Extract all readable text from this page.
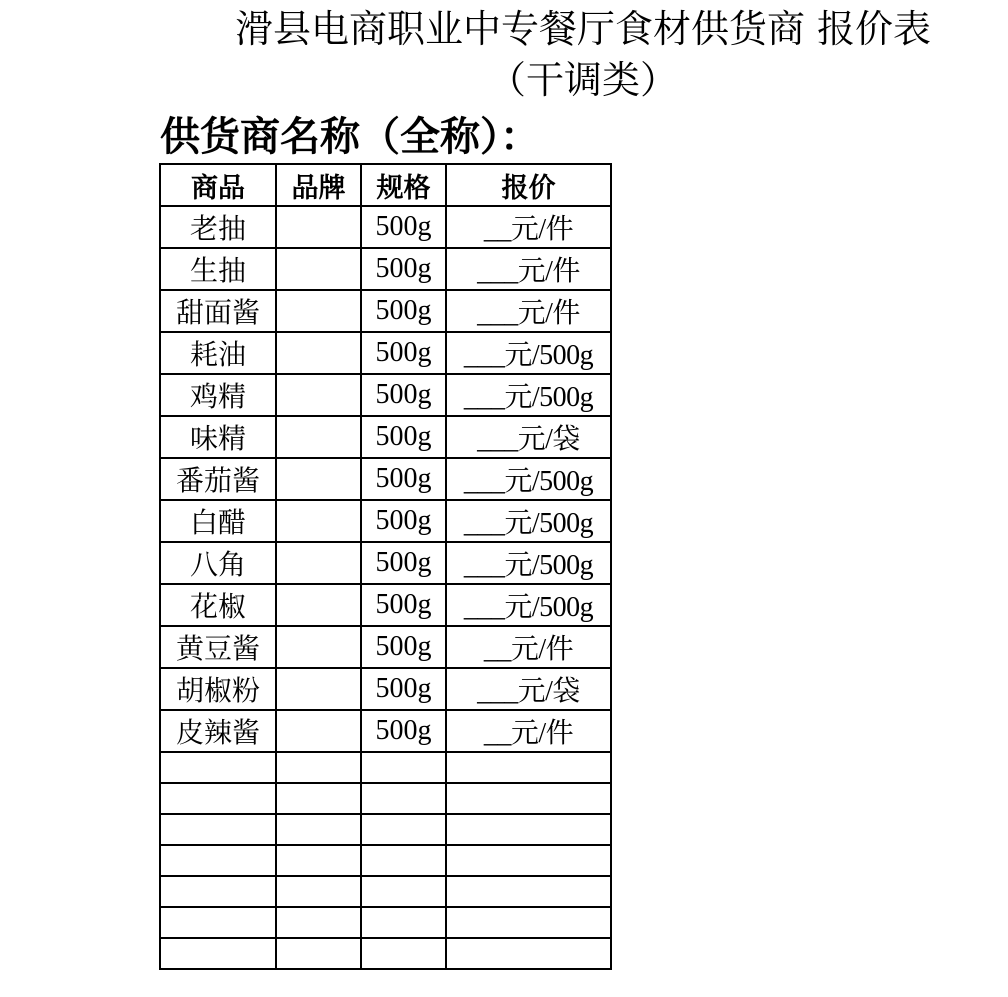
滑县电商职业中专餐厅食材供货商 报价表
（干调类）
供货商名称（全称）：
商品	品牌	规格	报价
老抽		500g	__元/件
生抽		500g	___元/件
甜面酱		500g	___元/件
耗油		500g	___元/500g
鸡精		500g	___元/500g
味精		500g	___元/袋
番茄酱		500g	___元/500g
白醋		500g	___元/500g
八角		500g	___元/500g
花椒		500g	___元/500g
黄豆酱		500g	__元/件
胡椒粉		500g	___元/袋
皮辣酱		500g	__元/件
